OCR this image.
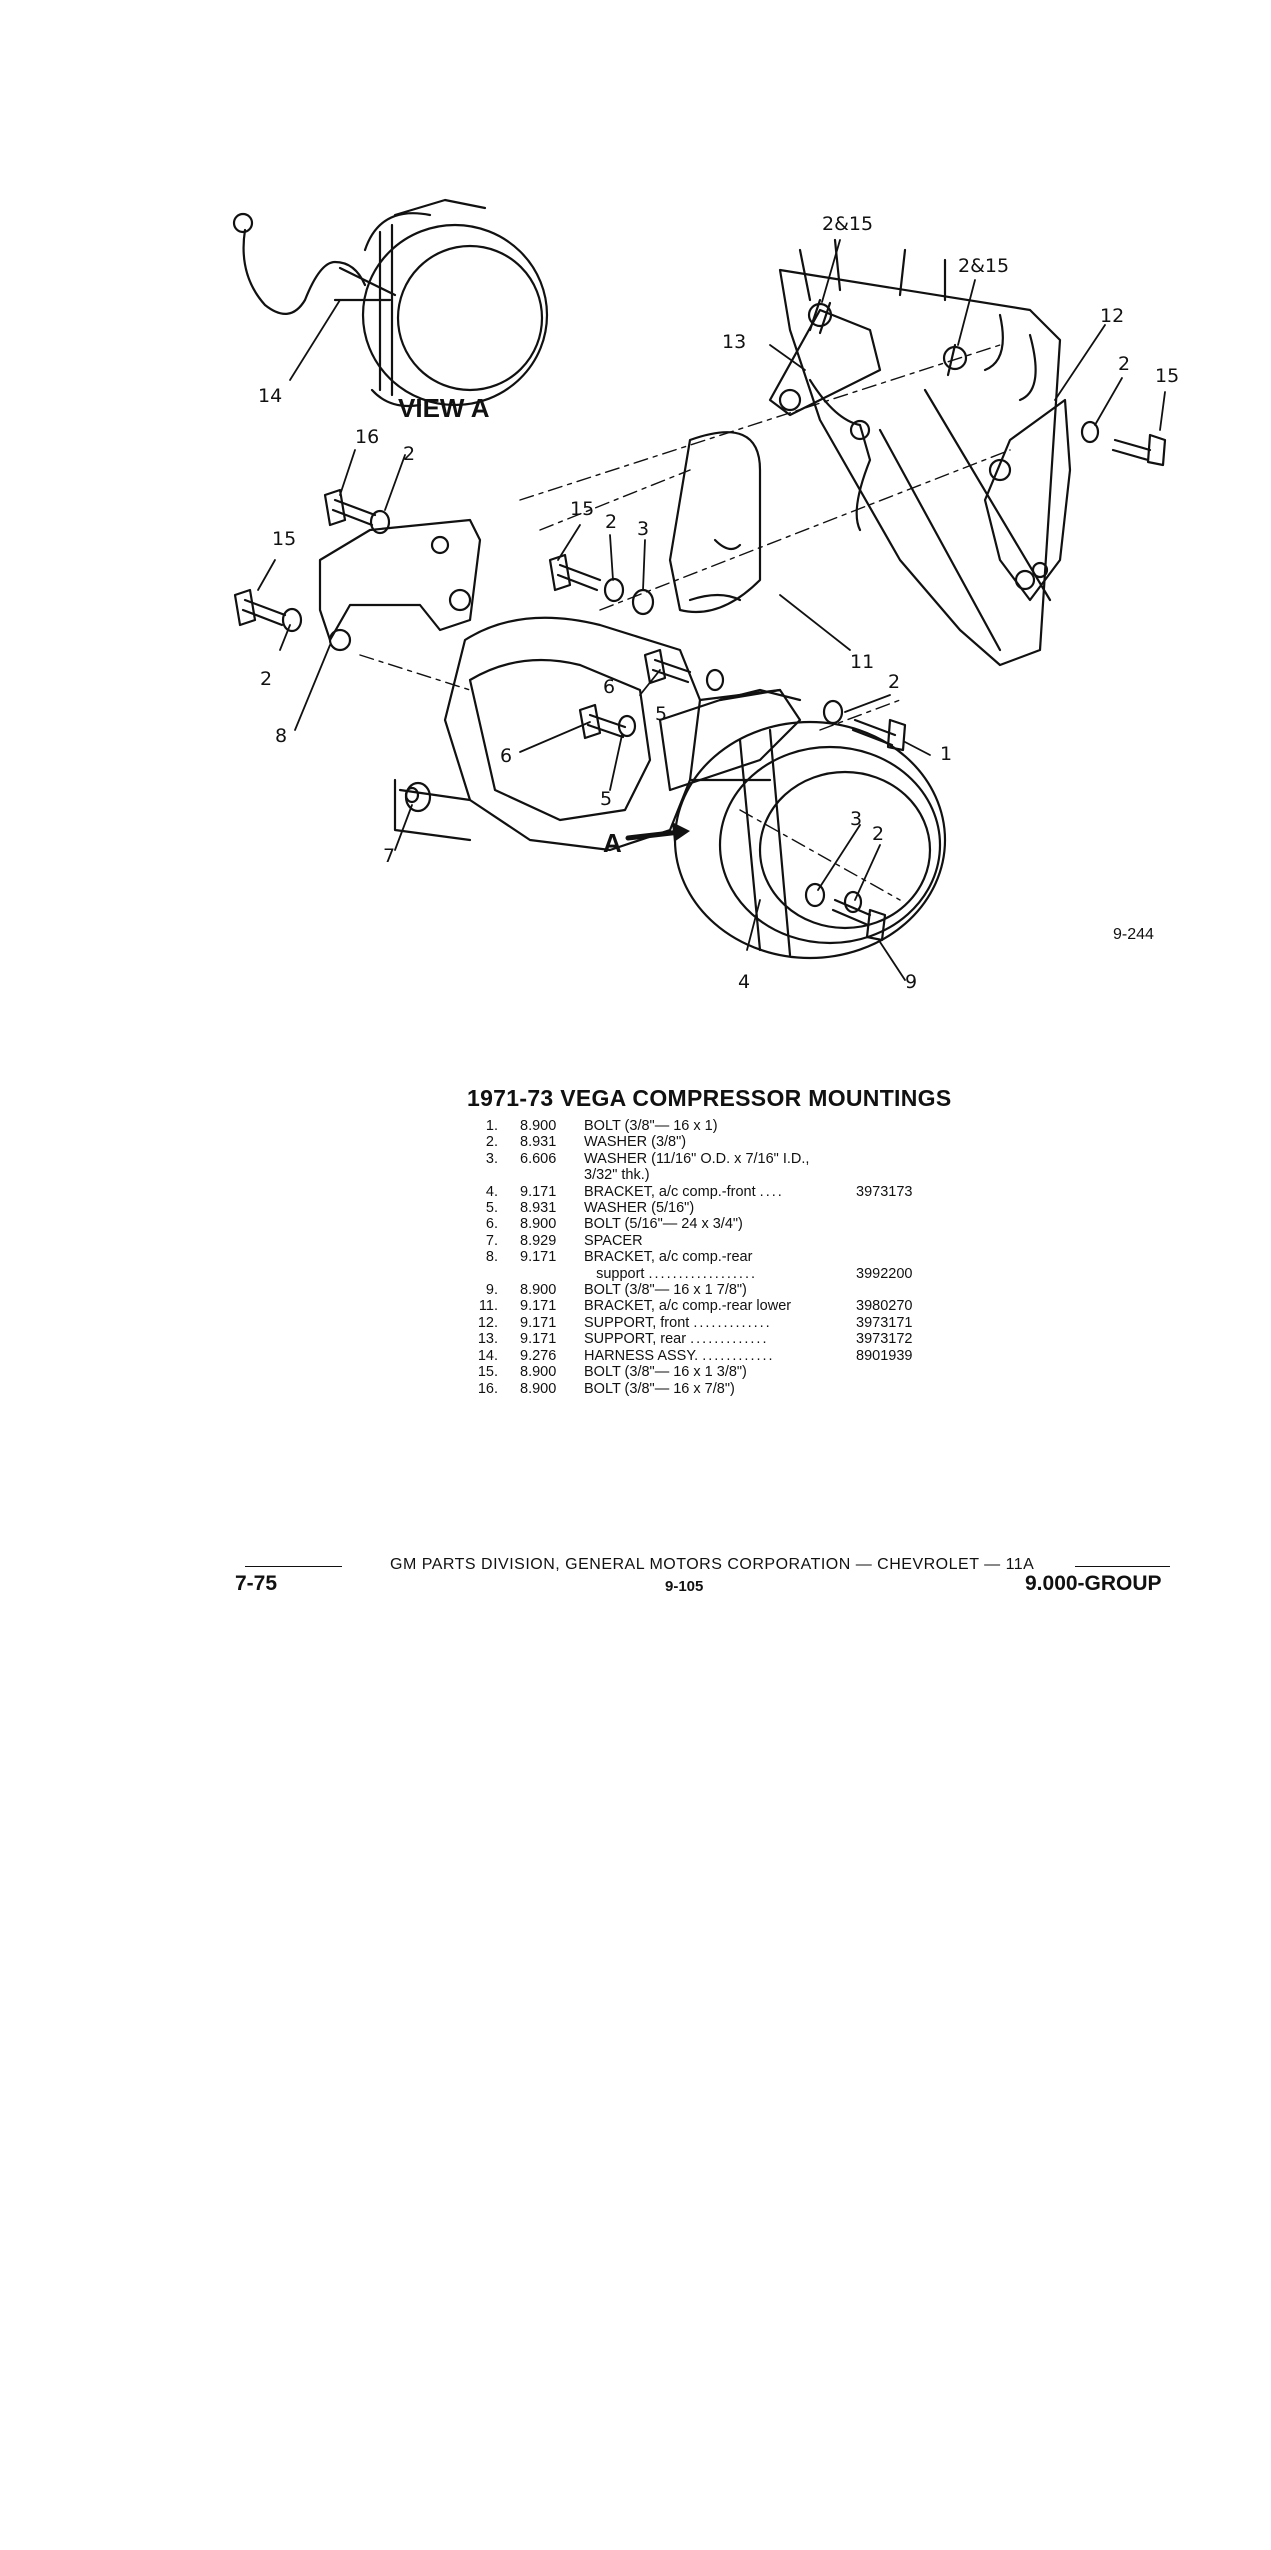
2&15
2&15
13
12
2
15
14
16
2
15
2
3
15
2
8
11
2
1
6
5
6
5
7
3
2
4	9
VIEW A
A
9-244
1971-73 VEGA COMPRESSOR MOUNTINGS
1.	8.900	BOLT (3/8"— 16 x 1)	
2.	8.931	WASHER (3/8")	
3.	6.606	WASHER (11/16" O.D. x 7/16" I.D.,	
		3/32" thk.)	
4.	9.171	BRACKET, a/c comp.-front ....	3973173
5.	8.931	WASHER (5/16")	
6.	8.900	BOLT (5/16"— 24 x 3/4")	
7.	8.929	SPACER	
8.	9.171	BRACKET, a/c comp.-rear	
		support ..................	3992200
9.	8.900	BOLT (3/8"— 16 x 1 7/8")	
11.	9.171	BRACKET, a/c comp.-rear lower	3980270
12.	9.171	SUPPORT, front .............	3973171
13.	9.171	SUPPORT, rear .............	3973172
14.	9.276	HARNESS ASSY. ............	8901939
15.	8.900	BOLT (3/8"— 16 x 1 3/8")	
16.	8.900	BOLT (3/8"— 16 x 7/8")	
GM PARTS DIVISION, GENERAL MOTORS CORPORATION — CHEVROLET — 11A
7-75	9-105	9.000-GROUP
